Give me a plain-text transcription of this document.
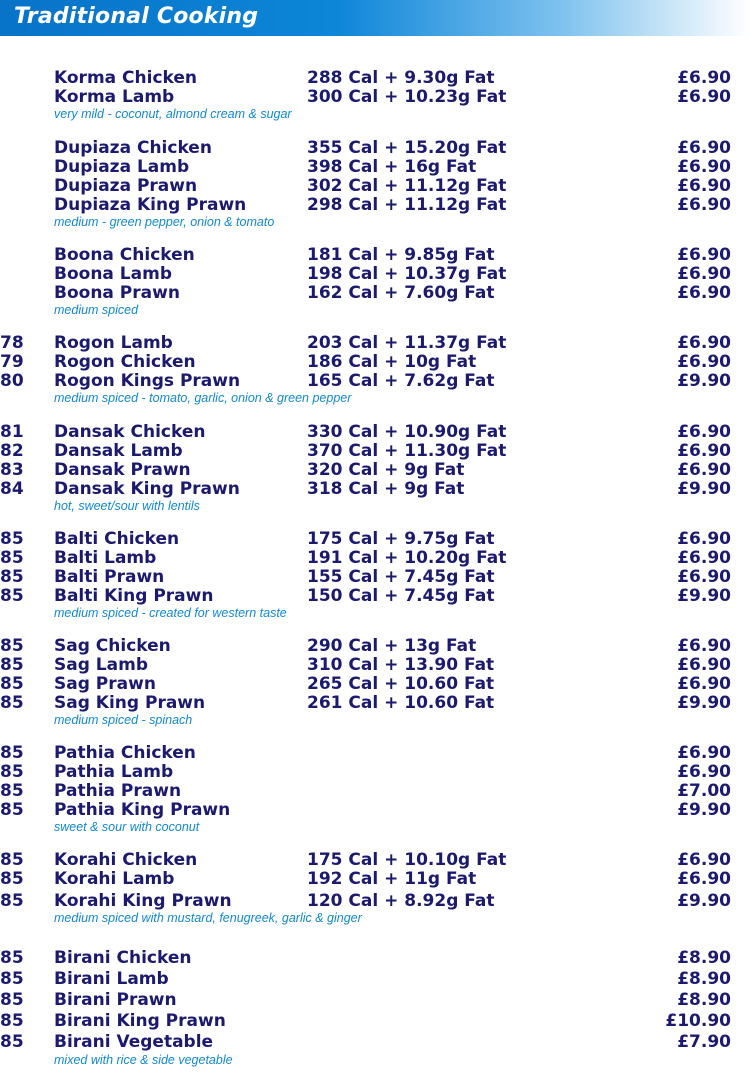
Traditional Cooking
Korma Chicken	288 Cal + 9.30g Fat	£6.90
Korma Lamb	300 Cal + 10.23g Fat	£6.90
very mild - coconut, almond cream & sugar
Dupiaza Chicken	355 Cal + 15.20g Fat	£6.90
Dupiaza Lamb	398 Cal + 16g Fat	£6.90
Dupiaza Prawn	302 Cal + 11.12g Fat	£6.90
Dupiaza King Prawn	298 Cal + 11.12g Fat	£6.90
medium - green pepper, onion & tomato
Boona Chicken	181 Cal + 9.85g Fat	£6.90
Boona Lamb	198 Cal + 10.37g Fat	£6.90
Boona Prawn	162 Cal + 7.60g Fat	£6.90
medium spiced
78 Rogon Lamb	203 Cal + 11.37g Fat	£6.90
79 Rogon Chicken	186 Cal + 10g Fat	£6.90
80 Rogon Kings Prawn	165 Cal + 7.62g Fat	£9.90
medium spiced - tomato, garlic, onion & green pepper
81 Dansak Chicken	330 Cal + 10.90g Fat	£6.90
82 Dansak Lamb	370 Cal + 11.30g Fat	£6.90
83 Dansak Prawn	320 Cal + 9g Fat	£6.90
84 Dansak King Prawn	318 Cal + 9g Fat	£9.90
hot, sweet/sour with lentils
85 Balti Chicken	175 Cal + 9.75g Fat	£6.90
85 Balti Lamb	191 Cal + 10.20g Fat	£6.90
85 Balti Prawn	155 Cal + 7.45g Fat	£6.90
85 Balti King Prawn	150 Cal + 7.45g Fat	£9.90
medium spiced - created for western taste
85 Sag Chicken	290 Cal + 13g Fat	£6.90
85 Sag Lamb	310 Cal + 13.90 Fat	£6.90
85 Sag Prawn	265 Cal + 10.60 Fat	£6.90
85 Sag King Prawn	261 Cal + 10.60 Fat	£9.90
medium spiced - spinach
85 Pathia Chicken	£6.90
85 Pathia Lamb	£6.90
85 Pathia Prawn	£7.00
85 Pathia King Prawn	£9.90
sweet & sour with coconut
85 Korahi Chicken	175 Cal + 10.10g Fat	£6.90
85 Korahi Lamb	192 Cal + 11g Fat	£6.90
85 Korahi King Prawn	120 Cal + 8.92g Fat	£9.90
medium spiced with mustard, fenugreek, garlic & ginger
85 Birani Chicken	£8.90
85 Birani Lamb	£8.90
85 Birani Prawn	£8.90
85 Birani King Prawn	£10.90
85 Birani Vegetable	£7.90
mixed with rice & side vegetable
